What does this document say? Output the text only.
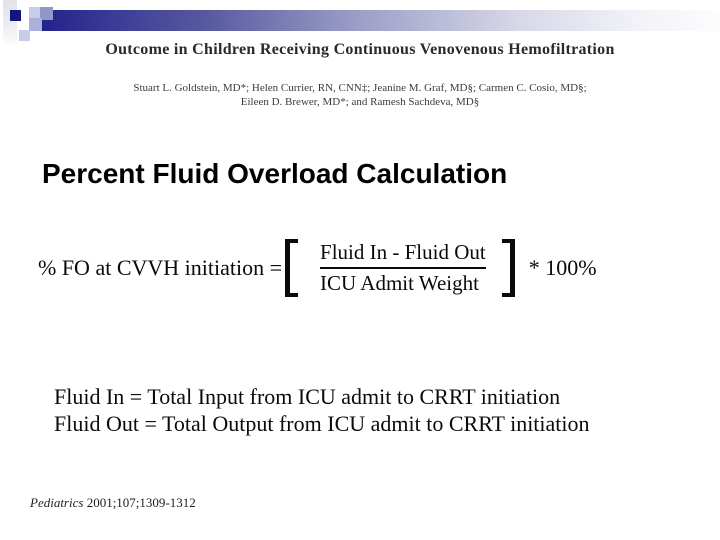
Outcome in Children Receiving Continuous Venovenous Hemofiltration
Stuart L. Goldstein, MD*; Helen Currier, RN, CNN‡; Jeanine M. Graf, MD§; Carmen C. Cosio, MD§;
Eileen D. Brewer, MD*; and Ramesh Sachdeva, MD§
Percent Fluid Overload Calculation
% FO at CVVH initiation = $\frac{\text{Fluid In - Fluid Out}}{\text{ICU Admit Weight}} * 100\%$
Fluid In = Total Input from ICU admit to CRRT initiation
Fluid Out = Total Output from ICU admit to CRRT initiation
Pediatrics 2001;107;1309-1312
